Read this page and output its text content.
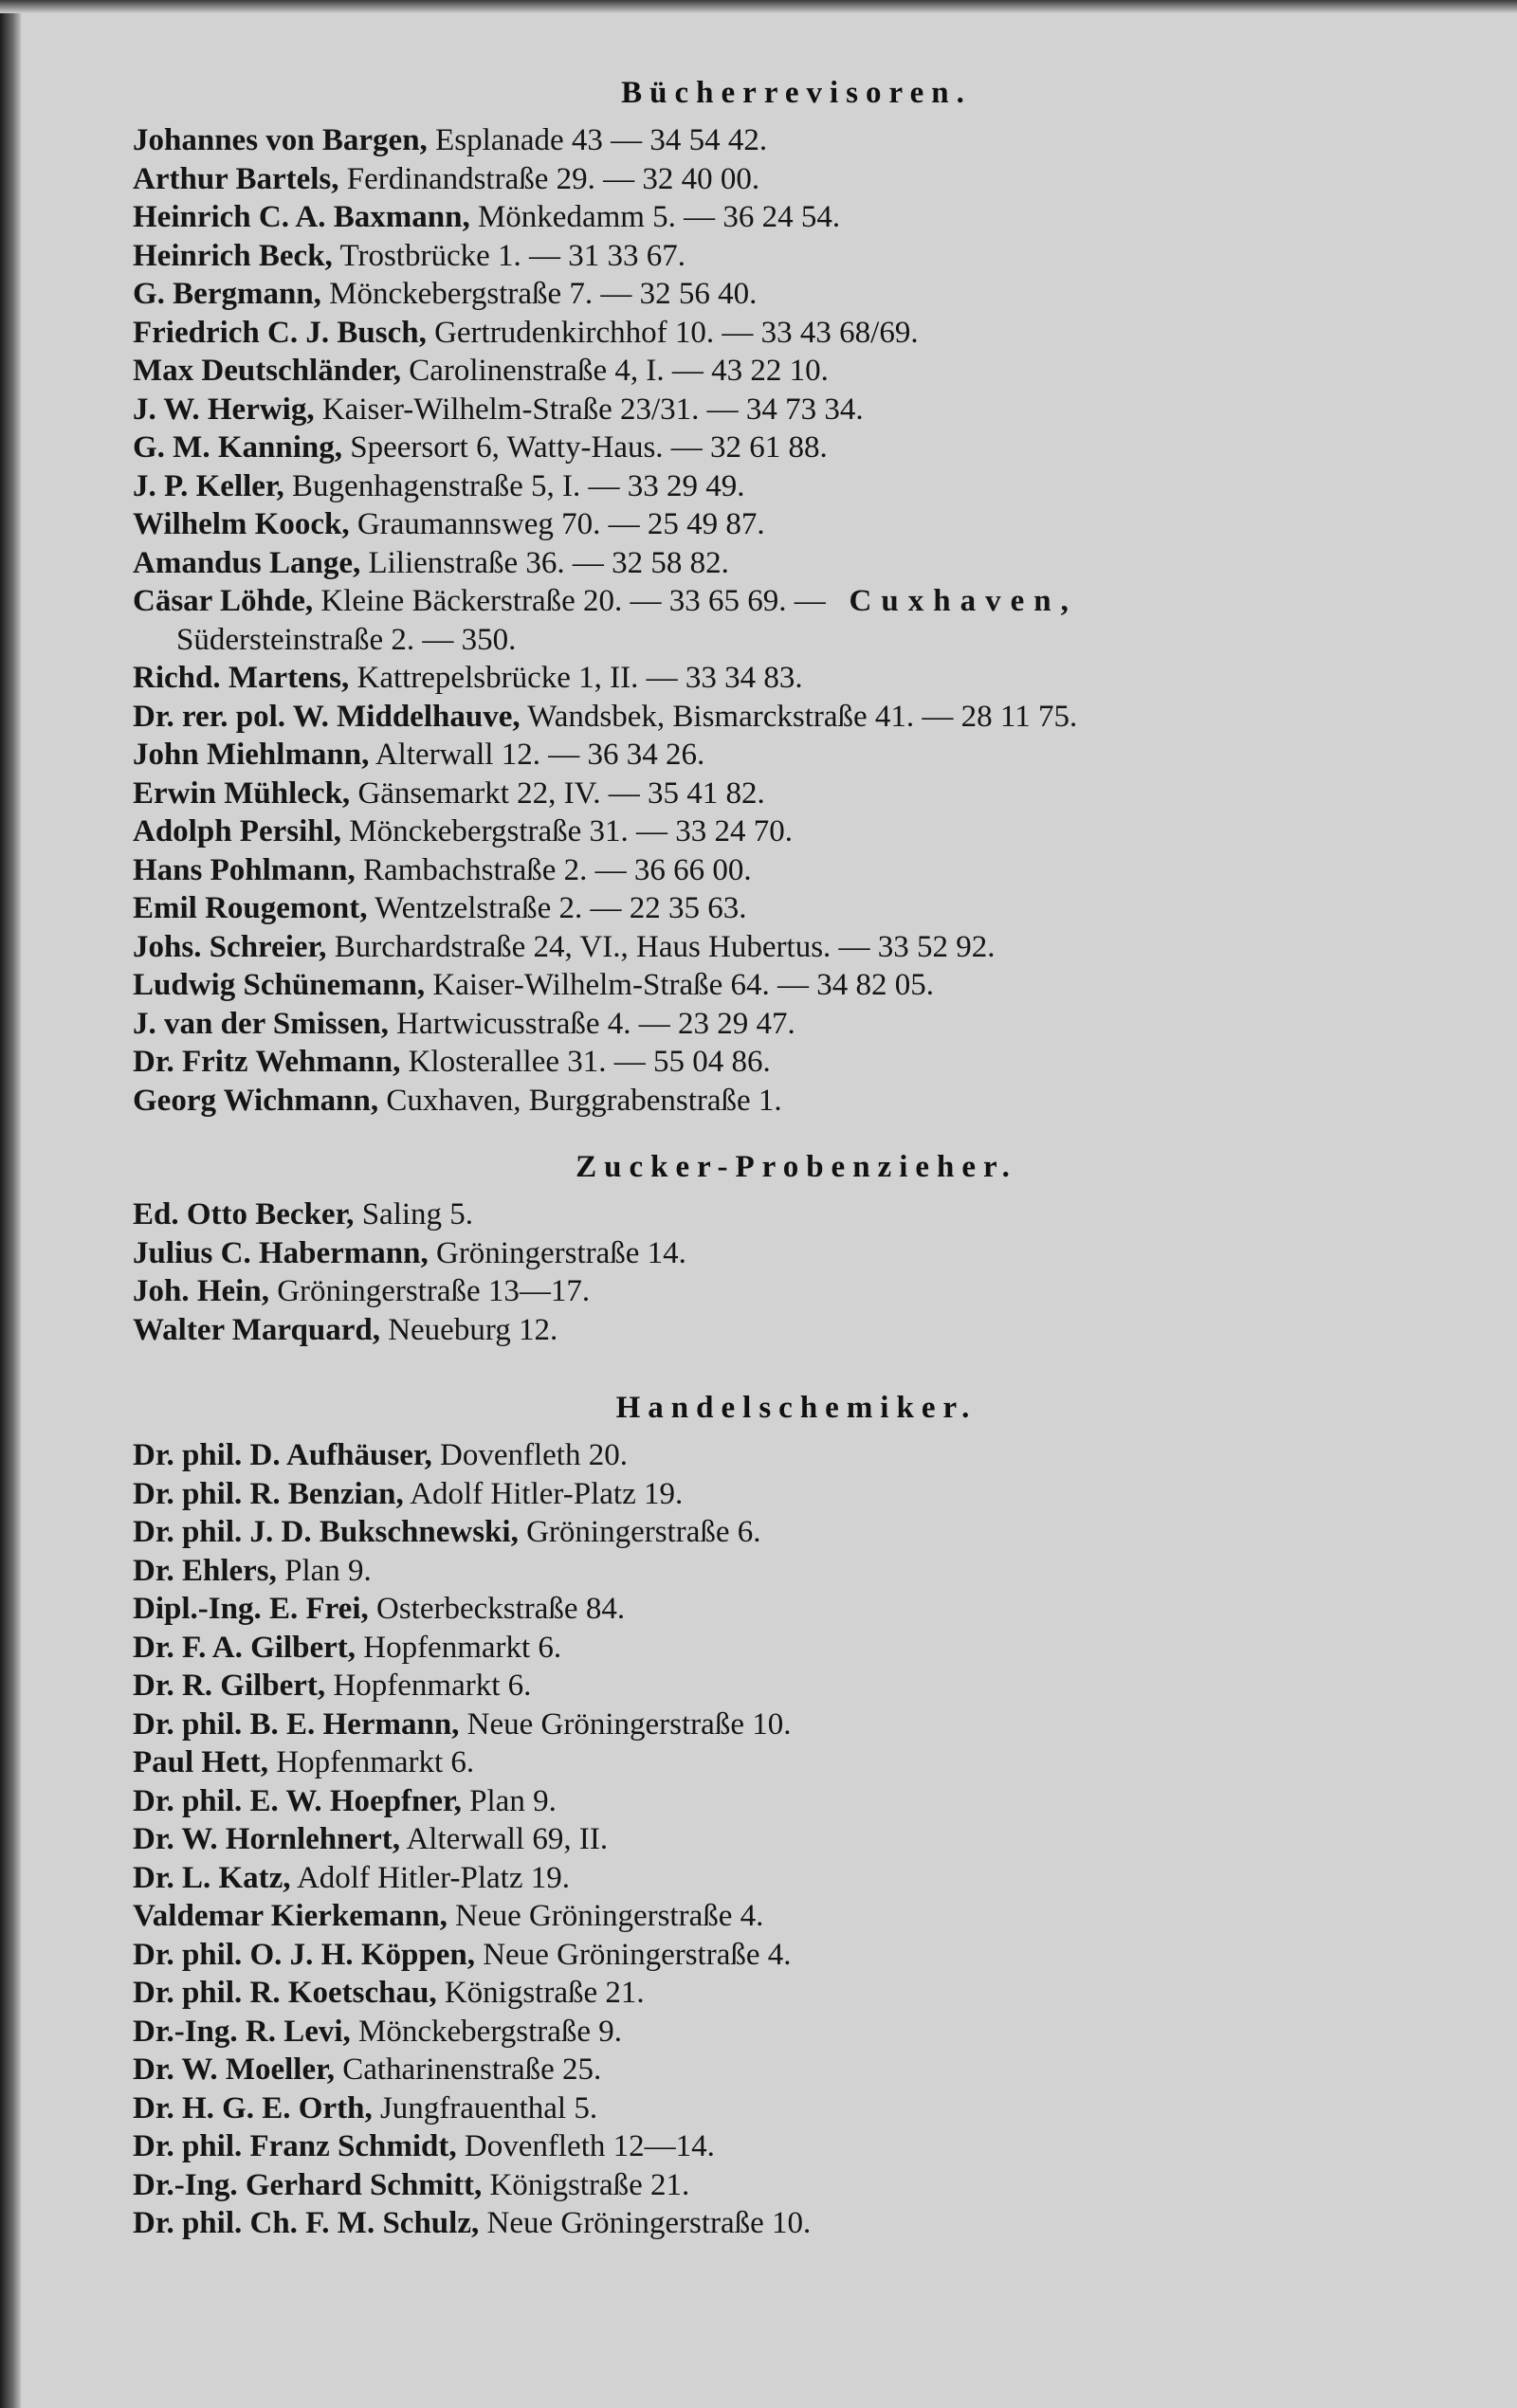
Bücherrevisoren.
Johannes von Bargen, Esplanade 43 — 34 54 42.
Arthur Bartels, Ferdinandstraße 29. — 32 40 00.
Heinrich C. A. Baxmann, Mönkedamm 5. — 36 24 54.
Heinrich Beck, Trostbrücke 1. — 31 33 67.
G. Bergmann, Mönckebergstraße 7. — 32 56 40.
Friedrich C. J. Busch, Gertrudenkirchhof 10. — 33 43 68/69.
Max Deutschländer, Carolinenstraße 4, I. — 43 22 10.
J. W. Herwig, Kaiser-Wilhelm-Straße 23/31. — 34 73 34.
G. M. Kanning, Speersort 6, Watty-Haus. — 32 61 88.
J. P. Keller, Bugenhagenstraße 5, I. — 33 29 49.
Wilhelm Koock, Graumannsweg 70. — 25 49 87.
Amandus Lange, Lilienstraße 36. — 32 58 82.
Cäsar Löhde, Kleine Bäckerstraße 20. — 33 65 69. — Cuxhaven,
Südersteinstraße 2. — 350.
Richd. Martens, Kattrepelsbrücke 1, II. — 33 34 83.
Dr. rer. pol. W. Middelhauve, Wandsbek, Bismarckstraße 41. — 28 11 75.
John Miehlmann, Alterwall 12. — 36 34 26.
Erwin Mühleck, Gänsemarkt 22, IV. — 35 41 82.
Adolph Persihl, Mönckebergstraße 31. — 33 24 70.
Hans Pohlmann, Rambachstraße 2. — 36 66 00.
Emil Rougemont, Wentzelstraße 2. — 22 35 63.
Johs. Schreier, Burchardstraße 24, VI., Haus Hubertus. — 33 52 92.
Ludwig Schünemann, Kaiser-Wilhelm-Straße 64. — 34 82 05.
J. van der Smissen, Hartwicusstraße 4. — 23 29 47.
Dr. Fritz Wehmann, Klosterallee 31. — 55 04 86.
Georg Wichmann, Cuxhaven, Burggrabenstraße 1.
Zucker-Probenzieher.
Ed. Otto Becker, Saling 5.
Julius C. Habermann, Gröningerstraße 14.
Joh. Hein, Gröningerstraße 13—17.
Walter Marquard, Neueburg 12.
Handelschemiker.
Dr. phil. D. Aufhäuser, Dovenfleth 20.
Dr. phil. R. Benzian, Adolf Hitler-Platz 19.
Dr. phil. J. D. Bukschnewski, Gröningerstraße 6.
Dr. Ehlers, Plan 9.
Dipl.-Ing. E. Frei, Osterbeckstraße 84.
Dr. F. A. Gilbert, Hopfenmarkt 6.
Dr. R. Gilbert, Hopfenmarkt 6.
Dr. phil. B. E. Hermann, Neue Gröningerstraße 10.
Paul Hett, Hopfenmarkt 6.
Dr. phil. E. W. Hoepfner, Plan 9.
Dr. W. Hornlehnert, Alterwall 69, II.
Dr. L. Katz, Adolf Hitler-Platz 19.
Valdemar Kierkemann, Neue Gröningerstraße 4.
Dr. phil. O. J. H. Köppen, Neue Gröningerstraße 4.
Dr. phil. R. Koetschau, Königstraße 21.
Dr.-Ing. R. Levi, Mönckebergstraße 9.
Dr. W. Moeller, Catharinenstraße 25.
Dr. H. G. E. Orth, Jungfrauenthal 5.
Dr. phil. Franz Schmidt, Dovenfleth 12—14.
Dr.-Ing. Gerhard Schmitt, Königstraße 21.
Dr. phil. Ch. F. M. Schulz, Neue Gröningerstraße 10.
